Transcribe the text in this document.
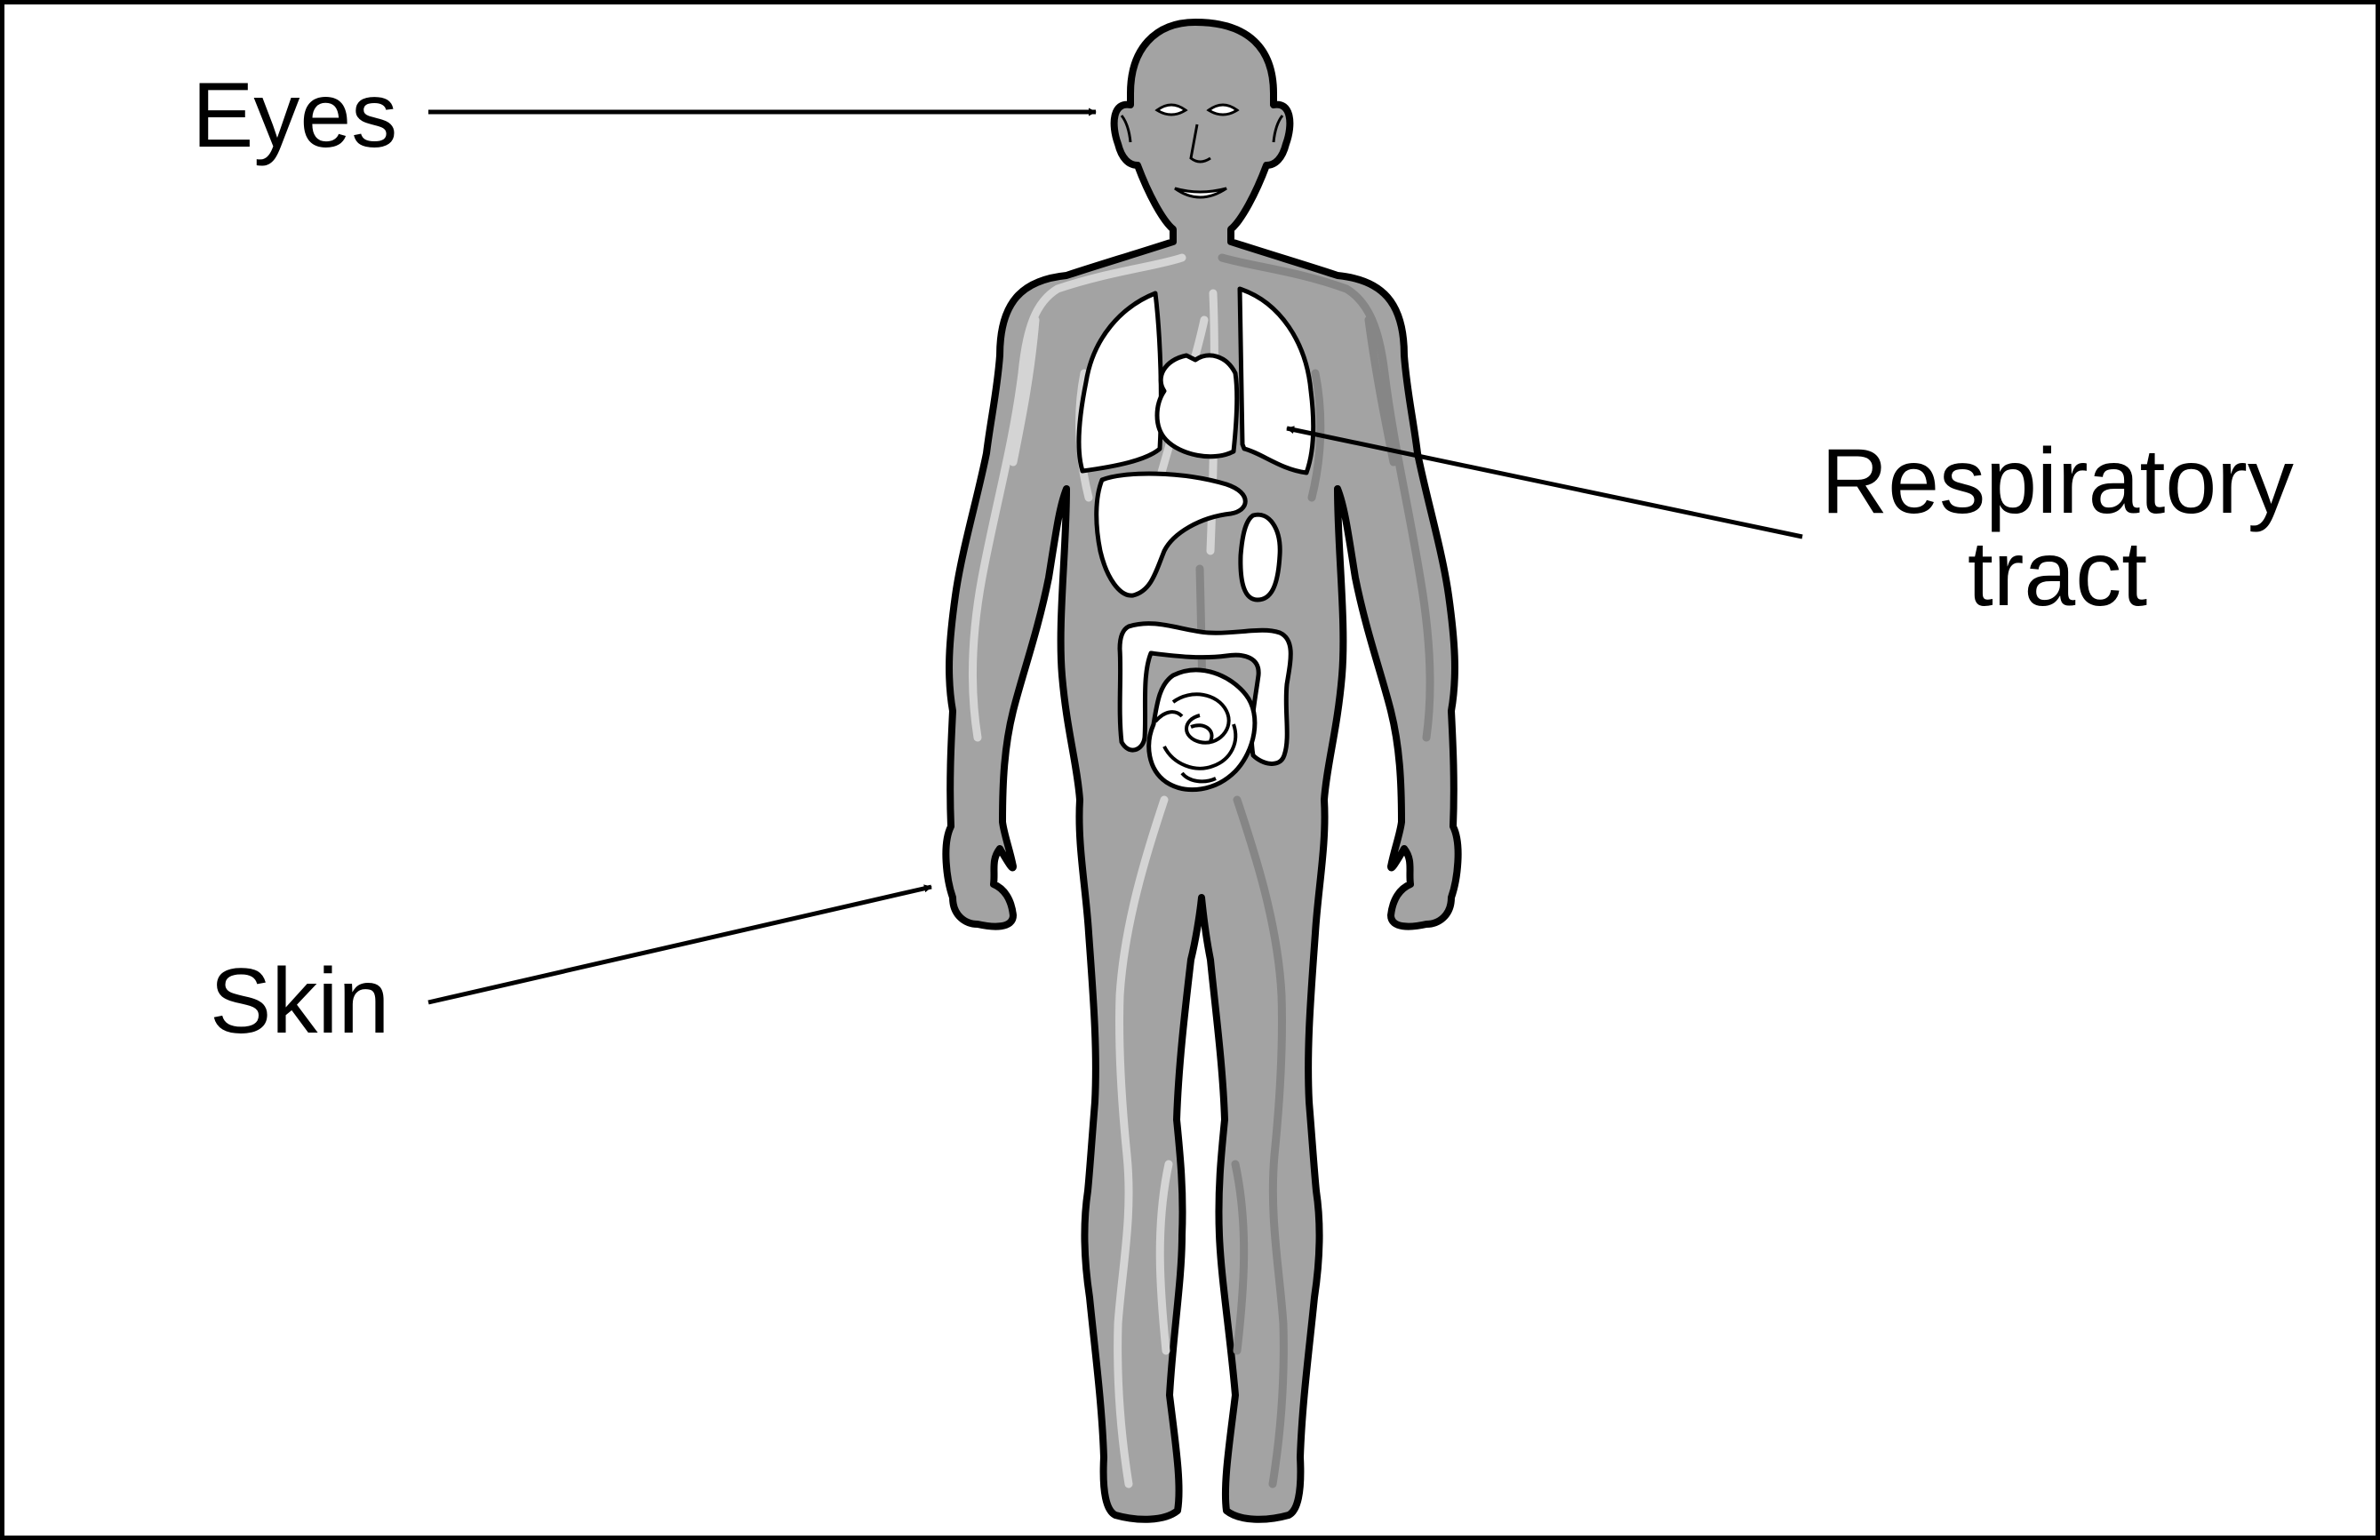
Eyes
Respiratory
tract
Skin
